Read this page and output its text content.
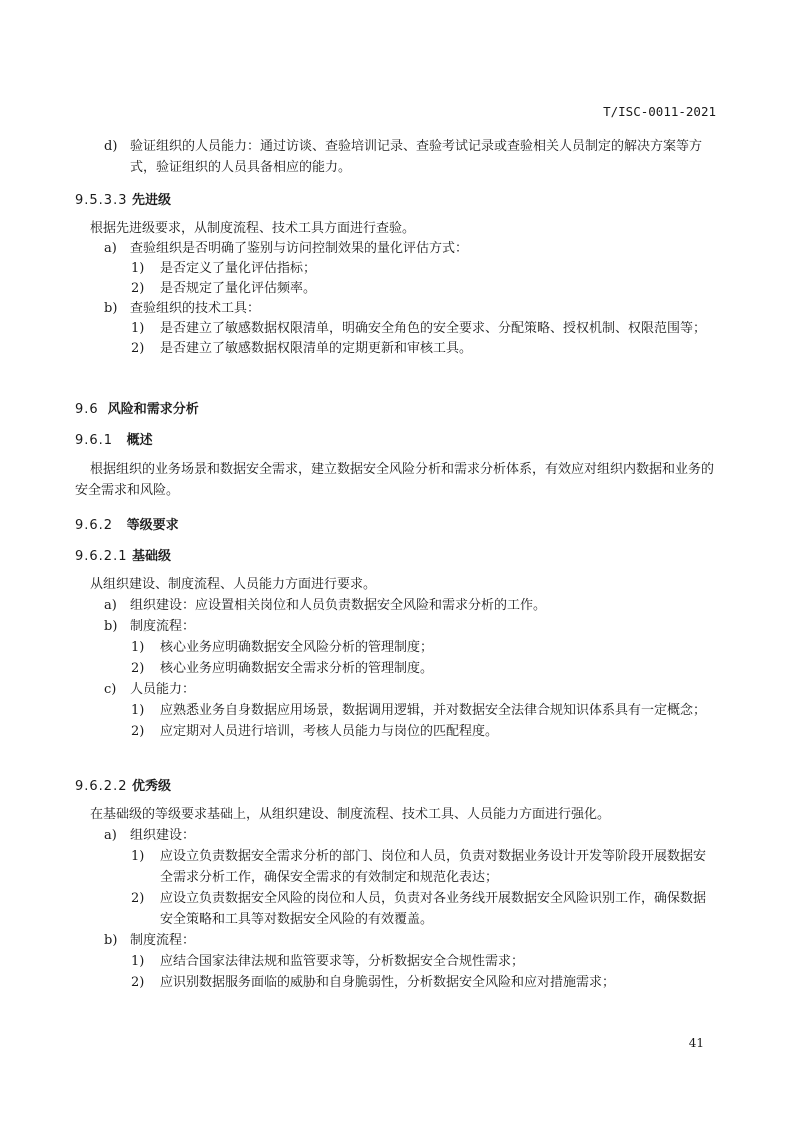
T/ISC-0011-2021
d) 验证组织的人员能力：通过访谈、查验培训记录、查验考试记录或查验相关人员制定的解决方案等方式，验证组织的人员具备相应的能力。
9.5.3.3 先进级
根据先进级要求，从制度流程、技术工具方面进行查验。
a) 查验组织是否明确了鉴别与访问控制效果的量化评估方式：
1) 是否定义了量化评估指标；
2) 是否规定了量化评估频率。
b) 查验组织的技术工具：
1) 是否建立了敏感数据权限清单，明确安全角色的安全要求、分配策略、授权机制、权限范围等；
2) 是否建立了敏感数据权限清单的定期更新和审核工具。
9.6 风险和需求分析
9.6.1 概述
根据组织的业务场景和数据安全需求，建立数据安全风险分析和需求分析体系，有效应对组织内数据和业务的安全需求和风险。
9.6.2 等级要求
9.6.2.1 基础级
从组织建设、制度流程、人员能力方面进行要求。
a) 组织建设：应设置相关岗位和人员负责数据安全风险和需求分析的工作。
b) 制度流程：
1) 核心业务应明确数据安全风险分析的管理制度；
2) 核心业务应明确数据安全需求分析的管理制度。
c) 人员能力：
1) 应熟悉业务自身数据应用场景，数据调用逻辑，并对数据安全法律合规知识体系具有一定概念；
2) 应定期对人员进行培训，考核人员能力与岗位的匹配程度。
9.6.2.2 优秀级
在基础级的等级要求基础上，从组织建设、制度流程、技术工具、人员能力方面进行强化。
a) 组织建设：
1) 应设立负责数据安全需求分析的部门、岗位和人员，负责对数据业务设计开发等阶段开展数据安全需求分析工作，确保安全需求的有效制定和规范化表达；
2) 应设立负责数据安全风险的岗位和人员，负责对各业务线开展数据安全风险识别工作，确保数据安全策略和工具等对数据安全风险的有效覆盖。
b) 制度流程：
1) 应结合国家法律法规和监管要求等，分析数据安全合规性需求；
2) 应识别数据服务面临的威胁和自身脆弱性，分析数据安全风险和应对措施需求；
41
